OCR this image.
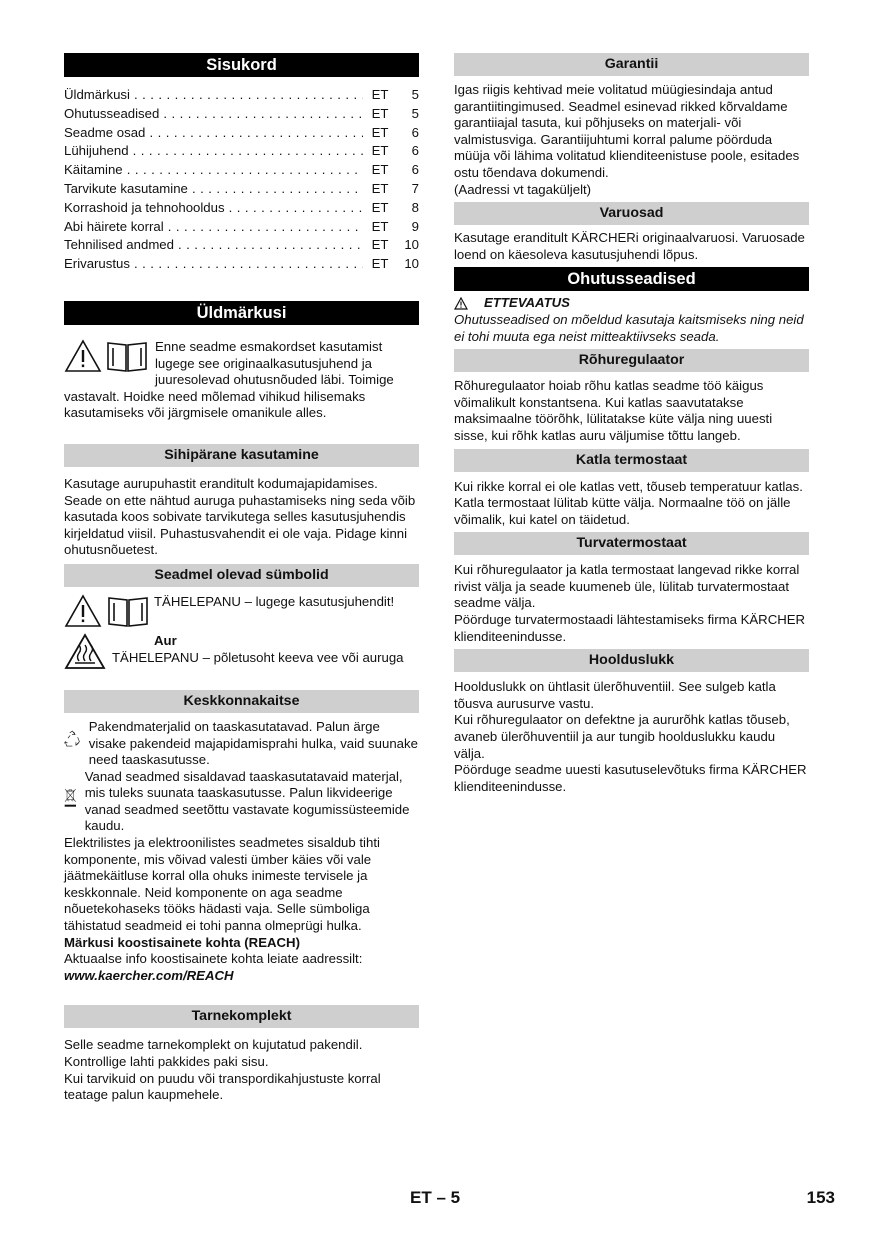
Sisukord
Üldmärkusi . . .	ET	5
Ohutusseadised . . .	ET	5
Seadme osad . . .	ET	6
Lühijuhend . . .	ET	6
Käitamine . . .	ET	6
Tarvikute kasutamine . . .	ET	7
Korrashoid ja tehnohooldus . . .	ET	8
Abi häirete korral . . .	ET	9
Tehnilised andmed . . .	ET	10
Erivarustus . . .	ET	10
Üldmärkusi

Enne seadme esmakordset kasutamist lugege see originaalkasutusjuhend ja juuresolevad ohutusnõuded läbi. Toimige vastavalt. Hoidke need mõlemad vihikud hilisemaks kasutamiseks või järgmisele omanikule alles.

Sihipärane kasutamine

Kasutage aurupuhastit eranditult kodumajapidamises. Seade on ette nähtud auruga puhastamiseks ning seda võib kasutada koos sobivate tarvikutega selles kasutusjuhendis kirjeldatud viisil. Puhastusvahendit ei ole vaja. Pidage kinni ohutusnõuetest.

Seadmel olevad sümbolid

TÄHELEPANU – lugege kasutusjuhendit!

Aur

TÄHELEPANU – põletusoht keeva vee või auruga

Keskkonnakaitse

Pakendmaterjalid on taaskasutatavad. Palun ärge visake pakendeid majapidamisprahi hulka, vaid suunake need taaskasutusse.

Vanad seadmed sisaldavad taaskasutatavaid materjal, mis tuleks suunata taaskasutusse. Palun likvideerige vanad seadmed seetõttu vastavate kogumissüsteemide kaudu.

Elektrilistes ja elektroonilistes seadmetes sisaldub tihti komponente, mis võivad valesti ümber käies või vale jäätmekäitluse korral olla ohuks inimeste tervisele ja keskkonnale. Neid komponente on aga seadme nõuetekohaseks tööks hädasti vaja. Selle sümboliga tähistatud seadmeid ei tohi panna olmeprügi hulka.

Märkusi koostisainete kohta (REACH)

Aktuaalse info koostisainete kohta leiate aadressilt:

www.kaercher.com/REACH

Tarnekomplekt

Selle seadme tarnekomplekt on kujutatud pakendil. Kontrollige lahti pakkides paki sisu.

Kui tarvikuid on puudu või transpordikahjustuste korral teatage palun kaupmehele.

Garantii

Igas riigis kehtivad meie volitatud müügiesindaja antud garantiitingimused. Seadmel esinevad rikked kõrvaldame garantiiajal tasuta, kui põhjuseks on materjali- või valmistusviga. Garantiijuhtumi korral palume pöörduda müüja või lähima volitatud klienditeenistuse poole, esitades ostu tõendava dokumendi.

(Aadressi vt tagaküljelt)

Varuosad

Kasutage eranditult KÄRCHERi originaalvaruosi. Varuosade loend on käesoleva kasutusjuhendi lõpus.

Ohutusseadised
ETTEVAATUS

Ohutusseadised on mõeldud kasutaja kaitsmiseks ning neid ei tohi muuta ega neist mitteaktiivseks seada.

Rõhuregulaator

Rõhuregulaator hoiab rõhu katlas seadme töö käigus võimalikult konstantsena. Kui katlas saavutatakse maksimaalne töörõhk, lülitatakse küte välja ning uuesti sisse, kui rõhk katlas auru väljumise tõttu langeb.

Katla termostaat

Kui rikke korral ei ole katlas vett, tõuseb temperatuur katlas. Katla termostaat lülitab kütte välja. Normaalne töö on jälle võimalik, kui katel on täidetud.

Turvatermostaat

Kui rõhuregulaator ja katla termostaat langevad rikke korral rivist välja ja seade kuumeneb üle, lülitab turvatermostaat seadme välja.

Pöörduge turvatermostaadi lähtestamiseks firma KÄRCHER klienditeenindusse.

Hoolduslukk

Hoolduslukk on ühtlasit ülerõhuventiil. See sulgeb katla tõusva aurusurve vastu.

Kui rõhuregulaator on defektne ja aururõhk katlas tõuseb, avaneb ülerõhuventiil ja aur tungib hoolduslukku kaudu välja.

Pöörduge seadme uuesti kasutuselevõtuks firma KÄRCHER klienditeenindusse.

ET – 5	153
